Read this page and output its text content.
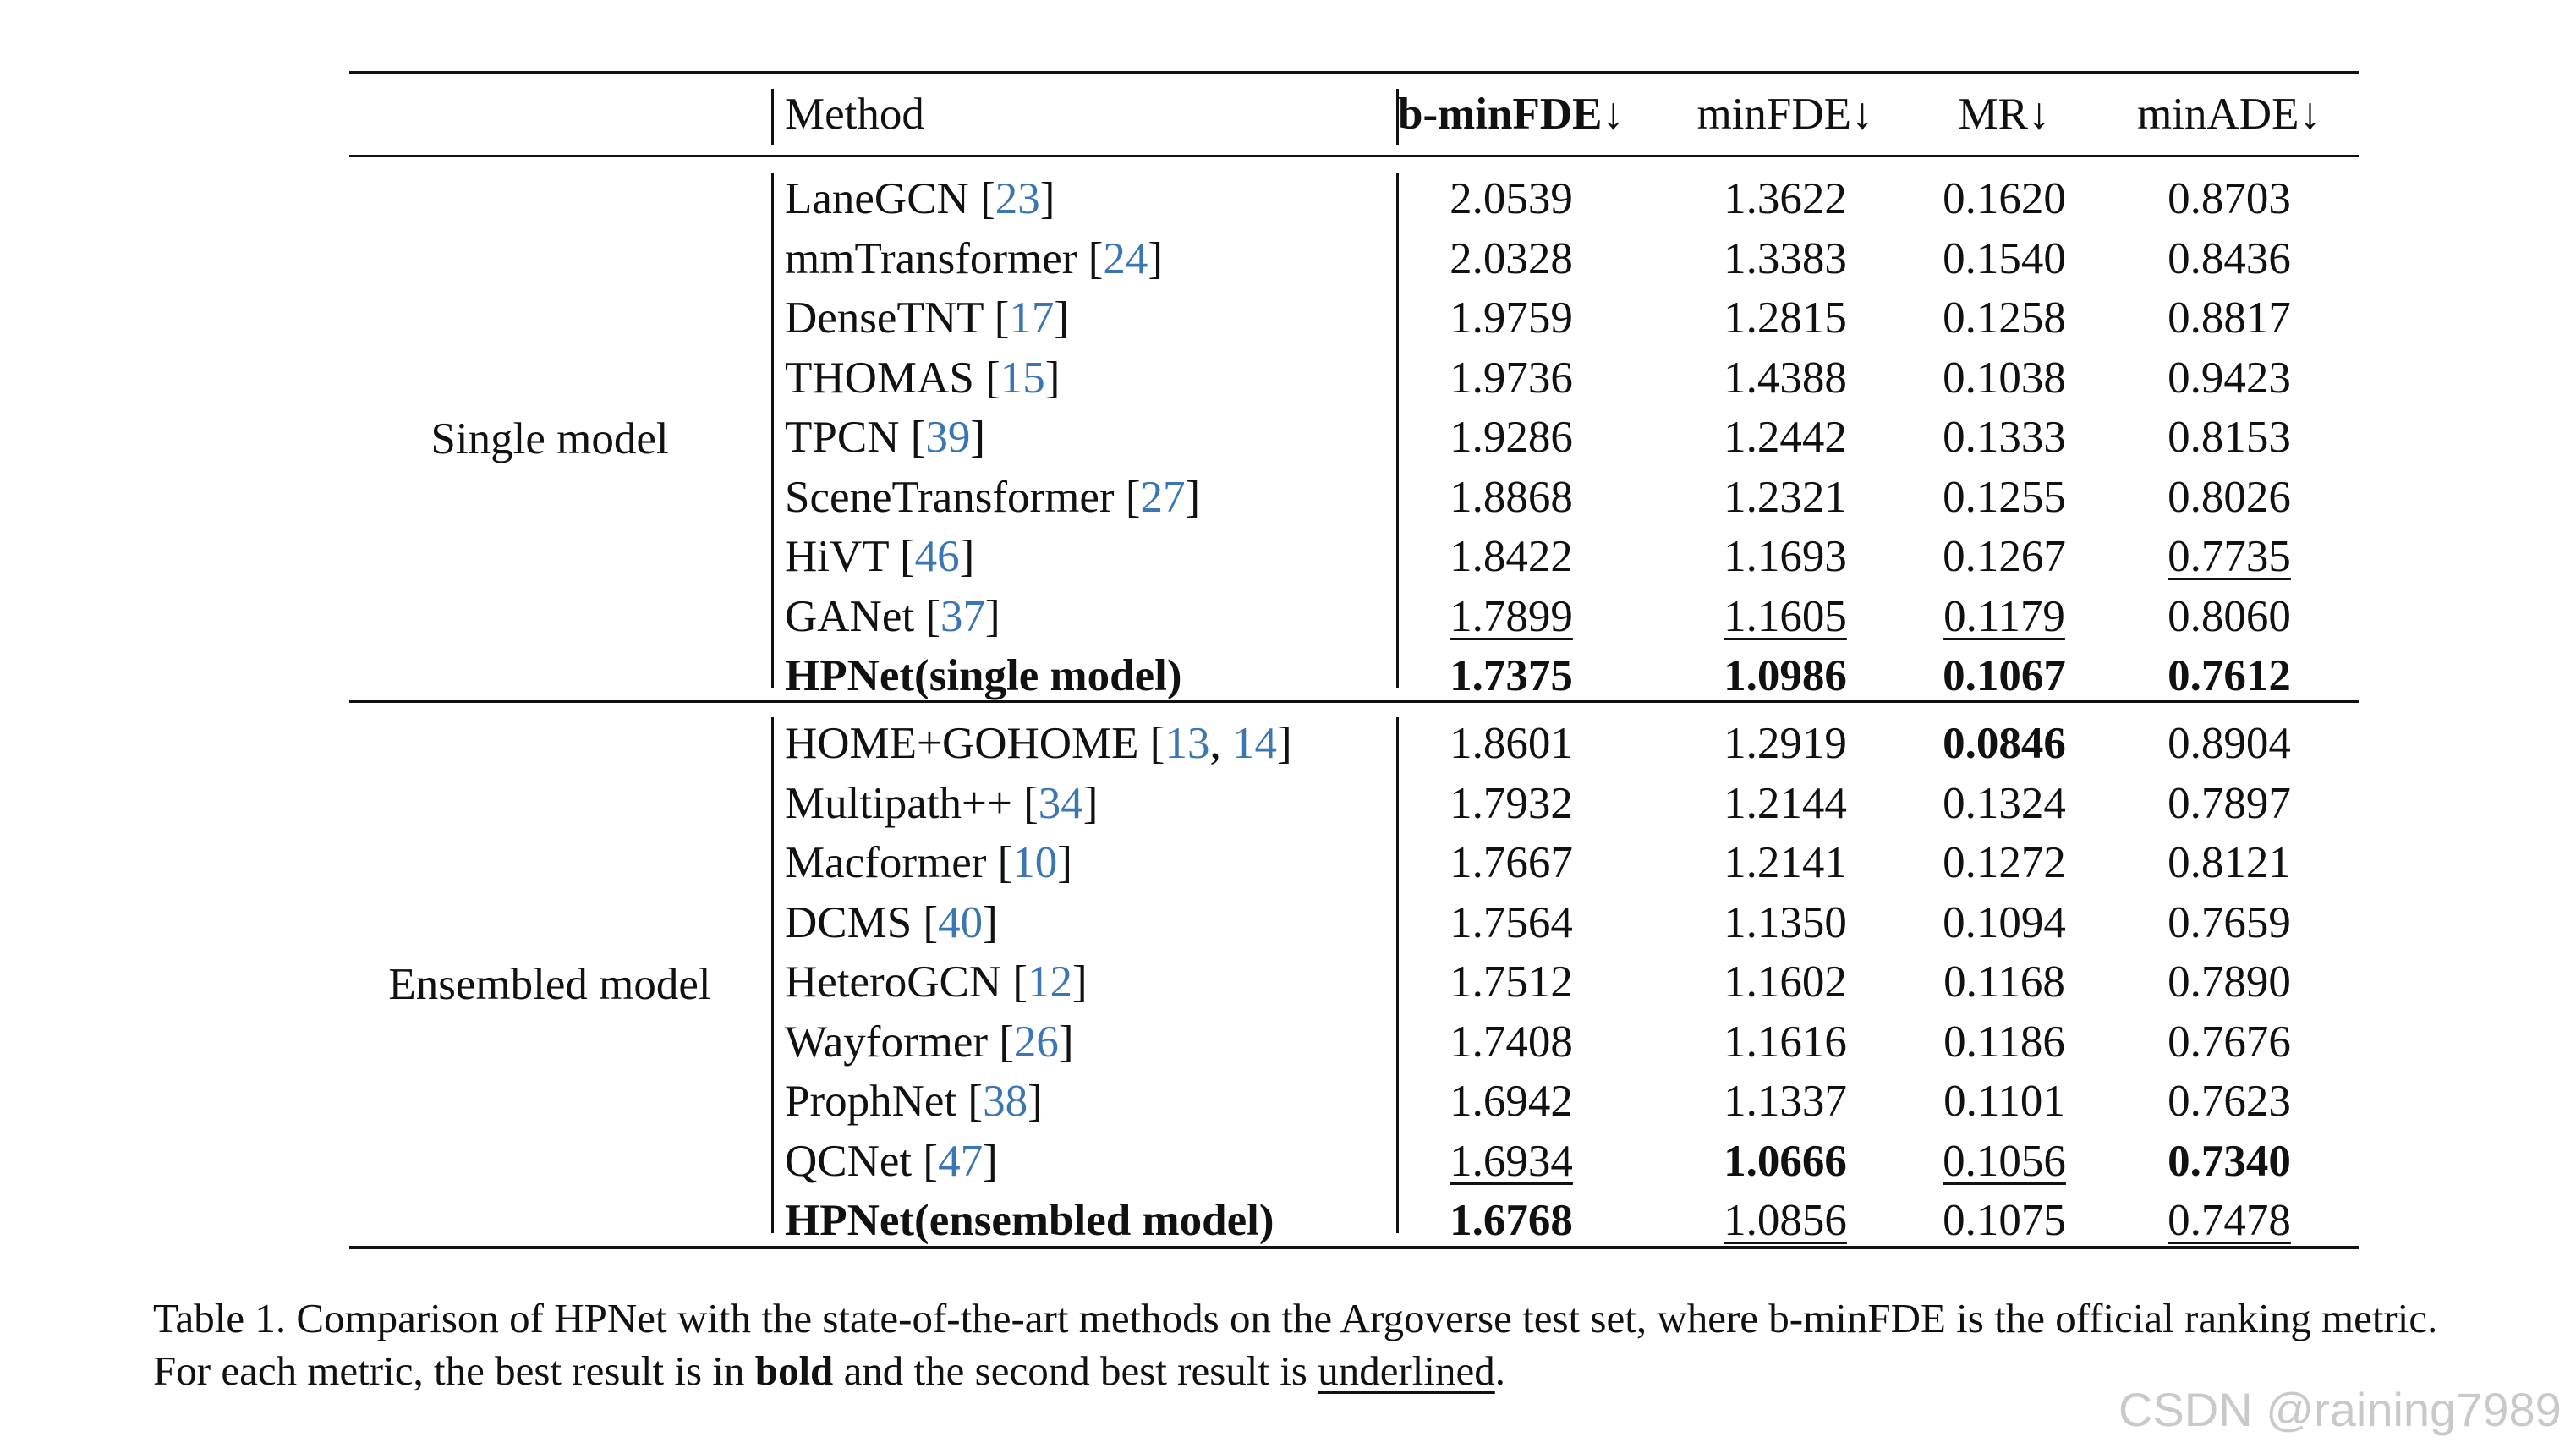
Method	b-minFDE↓	minFDE↓	MR↓	minADE↓
Single model
LaneGCN [23]	2.0539	1.3622	0.1620	0.8703
mmTransformer [24]	2.0328	1.3383	0.1540	0.8436
DenseTNT [17]	1.9759	1.2815	0.1258	0.8817
THOMAS [15]	1.9736	1.4388	0.1038	0.9423
TPCN [39]	1.9286	1.2442	0.1333	0.8153
SceneTransformer [27]	1.8868	1.2321	0.1255	0.8026
HiVT [46]	1.8422	1.1693	0.1267	0.7735
GANet [37]	1.7899	1.1605	0.1179	0.8060
HPNet(single model)	1.7375	1.0986	0.1067	0.7612
Ensembled model
HOME+GOHOME [13, 14]	1.8601	1.2919	0.0846	0.8904
Multipath++ [34]	1.7932	1.2144	0.1324	0.7897
Macformer [10]	1.7667	1.2141	0.1272	0.8121
DCMS [40]	1.7564	1.1350	0.1094	0.7659
HeteroGCN [12]	1.7512	1.1602	0.1168	0.7890
Wayformer [26]	1.7408	1.1616	0.1186	0.7676
ProphNet [38]	1.6942	1.1337	0.1101	0.7623
QCNet [47]	1.6934	1.0666	0.1056	0.7340
HPNet(ensembled model)	1.6768	1.0856	0.1075	0.7478
Table 1. Comparison of HPNet with the state-of-the-art methods on the Argoverse test set, where b-minFDE is the official ranking metric.
For each metric, the best result is in bold and the second best result is underlined.
CSDN @raining7989
